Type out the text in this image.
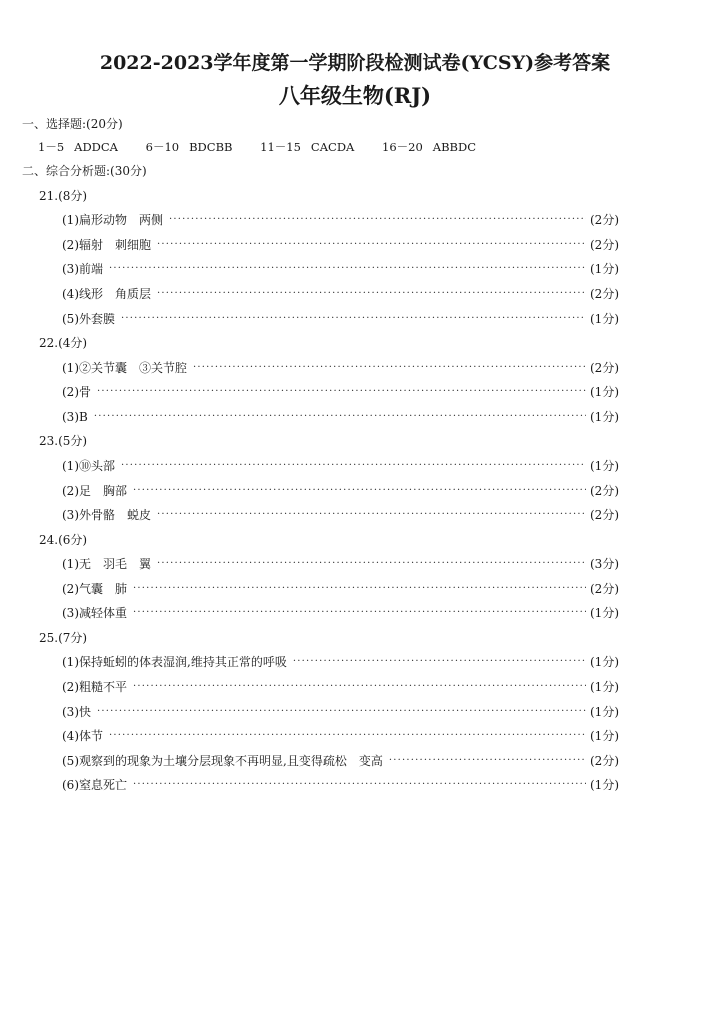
2022-2023学年度第一学期阶段检测试卷(YCSY)参考答案
八年级生物(RJ)
一、选择题:(20分)
1－5 ADDCA 6－10 BDCBB 11－15 CACDA 16－20 ABBDC
二、综合分析题:(30分)
21.(8分)
(1)扁形动物　两侧 ·····	(2分)
(2)辐射　刺细胞 ·····	(2分)
(3)前端 ·····	(1分)
(4)线形　角质层 ·····	(2分)
(5)外套膜 ·····	(1分)
22.(4分)
(1)②关节囊　③关节腔 ·····	(2分)
(2)骨 ·····	(1分)
(3)B ·····	(1分)
23.(5分)
(1)⑩头部 ·····	(1分)
(2)足　胸部 ·····	(2分)
(3)外骨骼　蜕皮 ·····	(2分)
24.(6分)
(1)无　羽毛　翼 ·····	(3分)
(2)气囊　肺 ·····	(2分)
(3)减轻体重 ·····	(1分)
25.(7分)
(1)保持蚯蚓的体表湿润,维持其正常的呼吸 ·····	(1分)
(2)粗糙不平 ·····	(1分)
(3)快 ·····	(1分)
(4)体节 ·····	(1分)
(5)观察到的现象为土壤分层现象不再明显,且变得疏松　变高 ·····	(2分)
(6)窒息死亡 ·····	(1分)
